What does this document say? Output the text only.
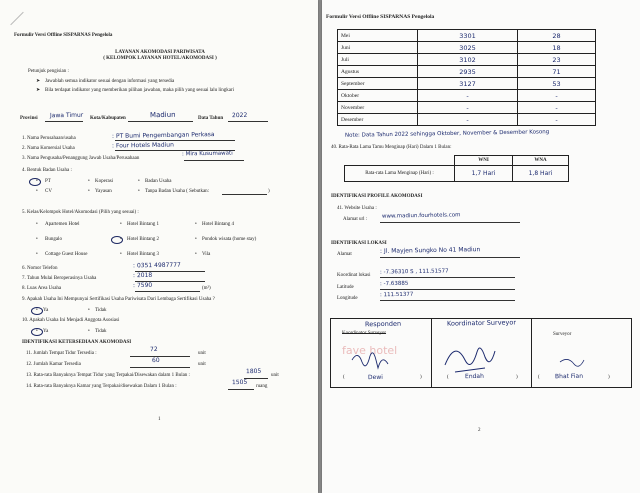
Formulir Versi Offline SISPARNAS Pengelola
LAYANAN AKOMODASI PARIWISATA
( KELOMPOK LAYANAN HOTEL/AKOMODASI )
Petunjuk pengisian :
➤ Jawablah semua indikator sesuai dengan informasi yang tersedia
➤ Bila terdapat indikator yang memberikan pilihan jawaban, maka pilih yang sesuai lalu lingkari
Provinsi Jawa Timur Kota/Kabupaten	Madiun	Data Tahun 2022
1. Nama Perusahaan/usaha	: PT Bumi Pengembangan Perkasa
2. Nama Komersial Usaha	: Four Hotels Madiun
3. Nama Pengusaha/Penanggung Jawab Usaha/Perusahaan
: Mira Kusumawati
4. Bentuk Badan Usaha :
• PT	• Koperasi	• Badan Usaha
• CV	• Yayasan	• Tanpa Badan Usaha ( Sebutkan:	)
5. Kelas/Kelompok Hotel/Akomodasi (Pilih yang sesuai) :
• Apartemen Hotel	• Hotel Bintang 1	• Hotel Bintang 4
• Bungalo	• Hotel Bintang 2	• Pondok wisata (home stay)
• Cottage Guest House	• Hotel Bintang 3	• Vila
6. Nomor Telefon	: 0351 4987777
7. Tahun Mulai Beroperasinya Usaha	: 2018
8. Luas Area Usaha	: 7590	(m²)
9. Apakah Usaha Ini Mempunyai Sertifikasi Usaha Pariwisata Dari Lembaga Sertifikasi Usaha ?
• Ya	• Tidak
10. Apakah Usaha Ini Menjadi Anggota Asosiasi
• Ya	• Tidak
IDENTIFIKASI KETERSEDIAAN AKOMODASI
11. Jumlah Tempat Tidur Tersedia :
72
unit
12. Jumlah Kamar Tersedia
60
unit
13. Rata-rata Banyaknya Tempat Tidur yang Terpakai/Disewakan dalam 1 Bulan :
1805
unit
14. Rata-rata Banyaknya Kamar yang Terpakai/disewakan Dalam 1 Bulan :
1505
ruang
1
Formulir Versi Offline SISPARNAS Pengelola
Mei	3301	28
Juni	3025	18
Juli	3102	23
Agustus	2935	71
September	3127	53
Oktober	-	-
November	-	-
Desember	-	-
Note: Data Tahun 2022 sehingga Oktober, November & Desember Kosong
40. Rata-Rata Lama Tamu Menginap (Hari) Dalam 1 Bulan:
	WNI	WNA
Rata-rata Lama Menginap (Hari) :	1,7 Hari	1,8 Hari
IDENTIFIKASI PROFILE AKOMODASI
41. Website Usaha :
Alamat url :	www.madiun.fourhotels.com
IDENTIFIKASI LOKASI
Alamat	: Jl. Mayjen Sungko No 41 Madiun
Koordinat lokasi : -7.36310 S , 111.51577
Latitude
: -7.63885
Longitude
: 111.51377
Responden
Koordinator Surveyor
Koordinator Surveyor
Surveyor
fave hotel
(	Dewi	)	(	Endah	)	(	Bhat Fian	)
2
